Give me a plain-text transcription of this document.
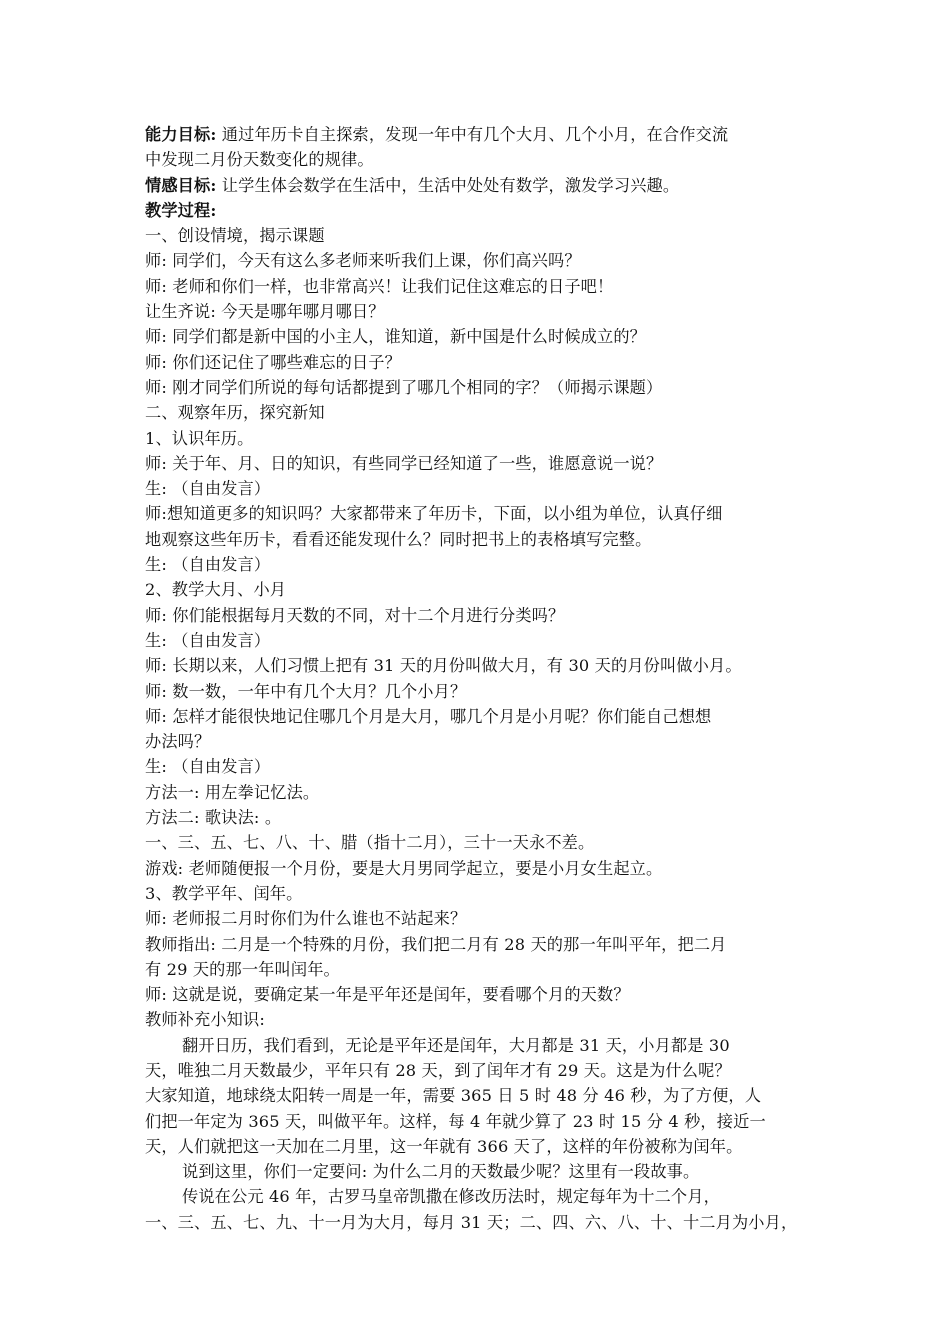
能力目标: 通过年历卡自主探索，发现一年中有几个大月、几个小月，在合作交流
中发现二月份天数变化的规律。
情感目标: 让学生体会数学在生活中，生活中处处有数学，激发学习兴趣。
教学过程:
一、创设情境，揭示课题
师: 同学们，今天有这么多老师来听我们上课，你们高兴吗？
师: 老师和你们一样，也非常高兴！让我们记住这难忘的日子吧！
让生齐说: 今天是哪年哪月哪日？
师: 同学们都是新中国的小主人，谁知道，新中国是什么时候成立的？
师: 你们还记住了哪些难忘的日子？
师: 刚才同学们所说的每句话都提到了哪几个相同的字？（师揭示课题）
二、观察年历，探究新知
1、认识年历。
师: 关于年、月、日的知识，有些同学已经知道了一些，谁愿意说一说？
生: （自由发言）
师:想知道更多的知识吗？大家都带来了年历卡，下面，以小组为单位，认真仔细
地观察这些年历卡，看看还能发现什么？同时把书上的表格填写完整。
生: （自由发言）
2、教学大月、小月
师: 你们能根据每月天数的不同，对十二个月进行分类吗？
生: （自由发言）
师: 长期以来，人们习惯上把有 31 天的月份叫做大月，有 30 天的月份叫做小月。
师: 数一数，一年中有几个大月？几个小月？
师: 怎样才能很快地记住哪几个月是大月，哪几个月是小月呢？你们能自己想想
办法吗？
生: （自由发言）
方法一: 用左拳记忆法。
方法二: 歌诀法: 。
一、三、五、七、八、十、腊（指十二月），三十一天永不差。
游戏: 老师随便报一个月份，要是大月男同学起立，要是小月女生起立。
3、教学平年、闰年。
师: 老师报二月时你们为什么谁也不站起来？
教师指出: 二月是一个特殊的月份，我们把二月有 28 天的那一年叫平年，把二月
有 29 天的那一年叫闰年。
师: 这就是说，要确定某一年是平年还是闰年，要看哪个月的天数？
教师补充小知识:
翻开日历，我们看到，无论是平年还是闰年，大月都是 31 天，小月都是 30
天，唯独二月天数最少，平年只有 28 天，到了闰年才有 29 天。这是为什么呢？
大家知道，地球绕太阳转一周是一年，需要 365 日 5 时 48 分 46 秒，为了方便，人
们把一年定为 365 天，叫做平年。这样，每 4 年就少算了 23 时 15 分 4 秒，接近一
天，人们就把这一天加在二月里，这一年就有 366 天了，这样的年份被称为闰年。
说到这里，你们一定要问: 为什么二月的天数最少呢？这里有一段故事。
传说在公元 46 年，古罗马皇帝凯撒在修改历法时，规定每年为十二个月，
一、三、五、七、九、十一月为大月，每月 31 天；二、四、六、八、十、十二月为小月，
